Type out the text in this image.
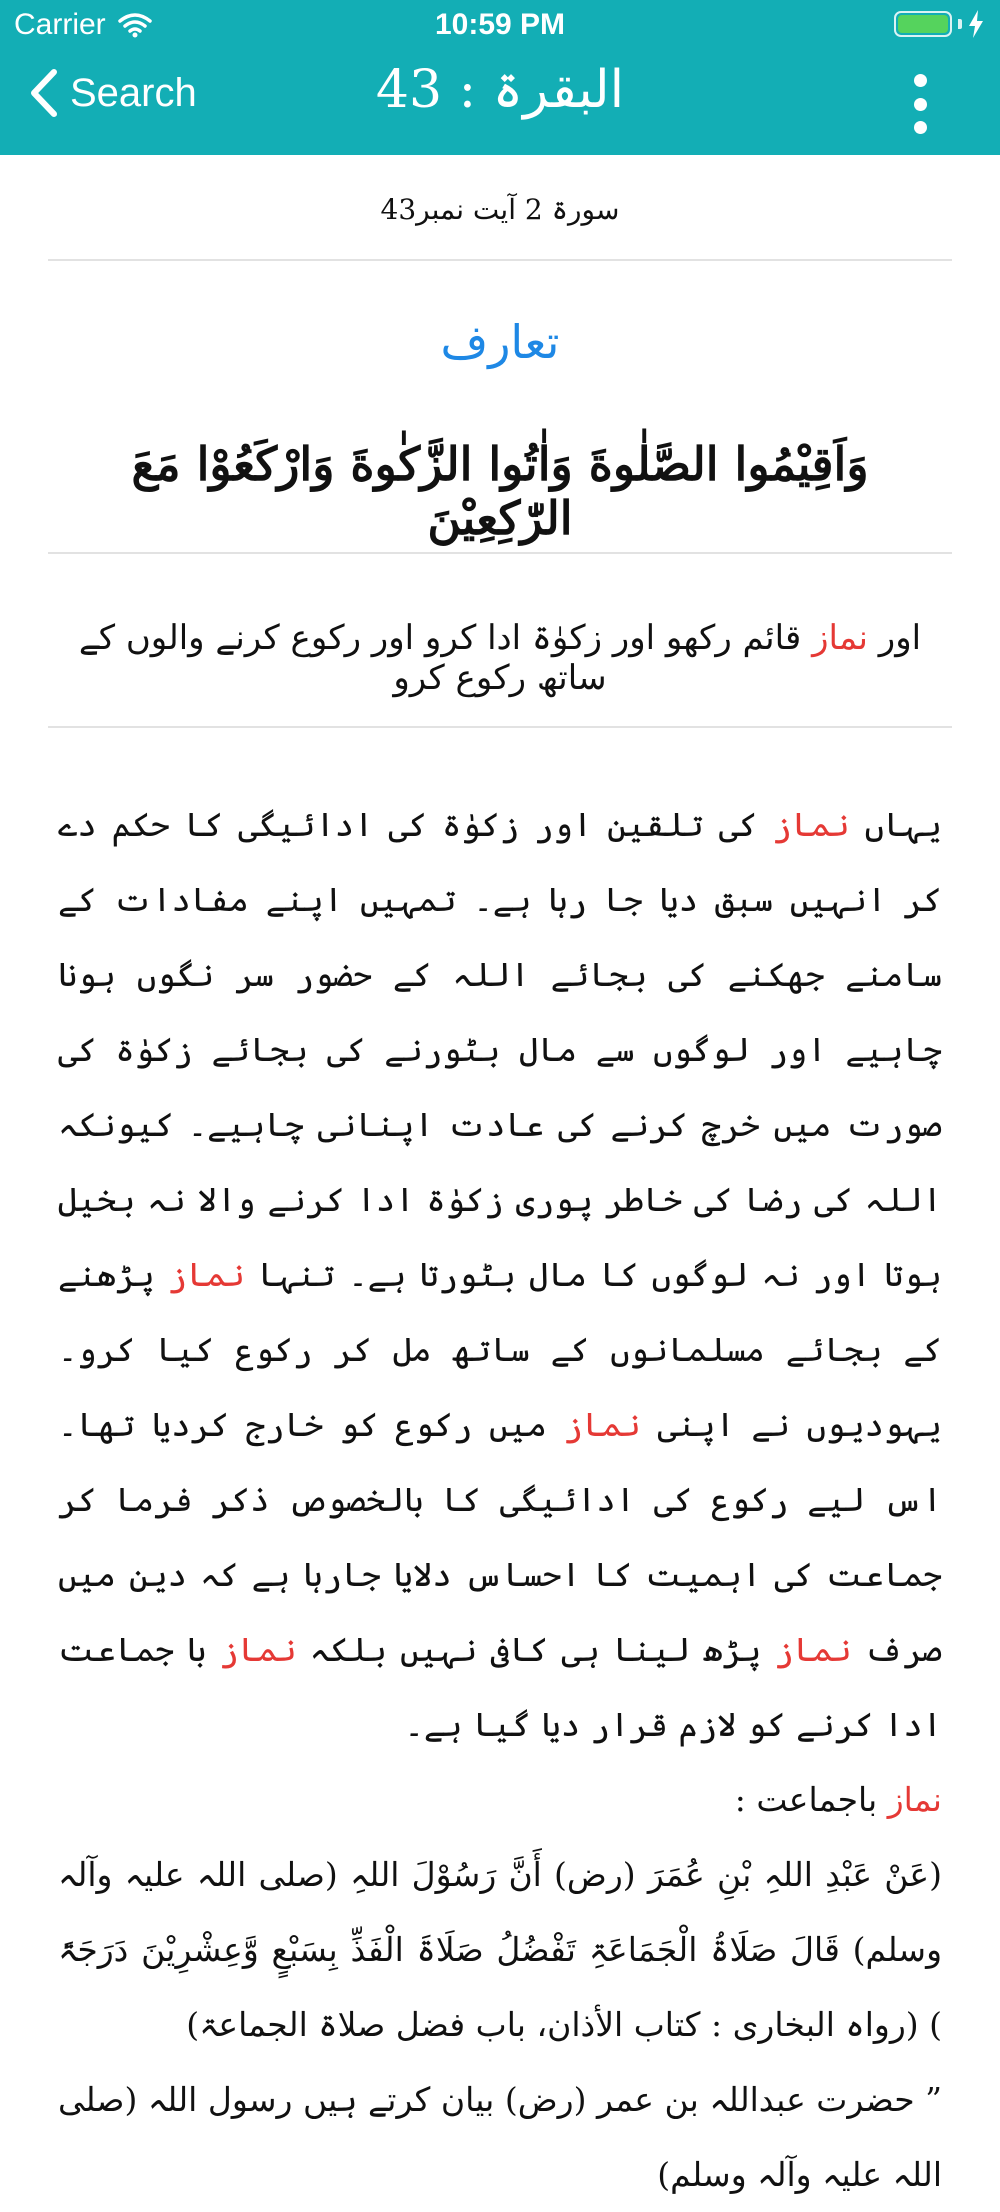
Carrier	10:59 PM
Search	البقرۃ : 43
سورۃ 2 آیت نمبر43
تعارف
وَاَقِيْمُوا الصَّلٰوةَ وَاٰتُوا الزَّكٰوةَ وَارْكَعُوْا مَعَ الرّٰكِعِيْنَ
اور نماز قائم رکھو اور زکوٰۃ ادا کرو اور رکوع کرنے والوں کے ساتھ رکوع کرو

یہاں نماز کی تلقین اور زکوٰۃ کی ادائیگی کا حکم دے کر انہیں سبق دیا جا رہا ہے۔ تمہیں اپنے مفادات کے سامنے جھکنے کی بجائے اللہ کے حضور سر نگوں ہونا چاہیے اور لوگوں سے مال بٹورنے کی بجائے زکوٰۃ کی صورت میں خرچ کرنے کی عادت اپنانی چاہیے۔ کیونکہ اللہ کی رضا کی خاطر پوری زکوٰۃ ادا کرنے والا نہ بخیل ہوتا اور نہ لوگوں کا مال بٹورتا ہے۔ تنہا نماز پڑھنے کے بجائے مسلمانوں کے ساتھ مل کر رکوع کیا کرو۔ یہودیوں نے اپنی نماز میں رکوع کو خارج کردیا تھا۔ اس لیے رکوع کی ادائیگی کا بالخصوص ذکر فرما کر جماعت کی اہمیت کا احساس دلایا جارہا ہے کہ دین میں صرف نماز پڑھ لینا ہی کافی نہیں بلکہ نماز با جماعت ادا کرنے کو لازم قرار دیا گیا ہے۔

نماز باجماعت :

(عَنْ عَبْدِ اللہِ بْنِ عُمَرَ (رض) أَنَّ رَسُوْلَ اللہِ (صلی اللہ علیہ وآلہ وسلم) قَالَ صَلَاۃُ الْجَمَاعَۃِ تَفْضُلُ صَلَاۃَ الْفَذِّ بِسَبْعٍ وَّعِشْرِیْنَ دَرَجَۃً ) (رواہ البخاری : کتاب الأذان، باب فضل صلاۃ الجماعۃ)

” حضرت عبداللہ بن عمر (رض) بیان کرتے ہیں رسول اللہ (صلی اللہ علیہ وآلہ وسلم)
